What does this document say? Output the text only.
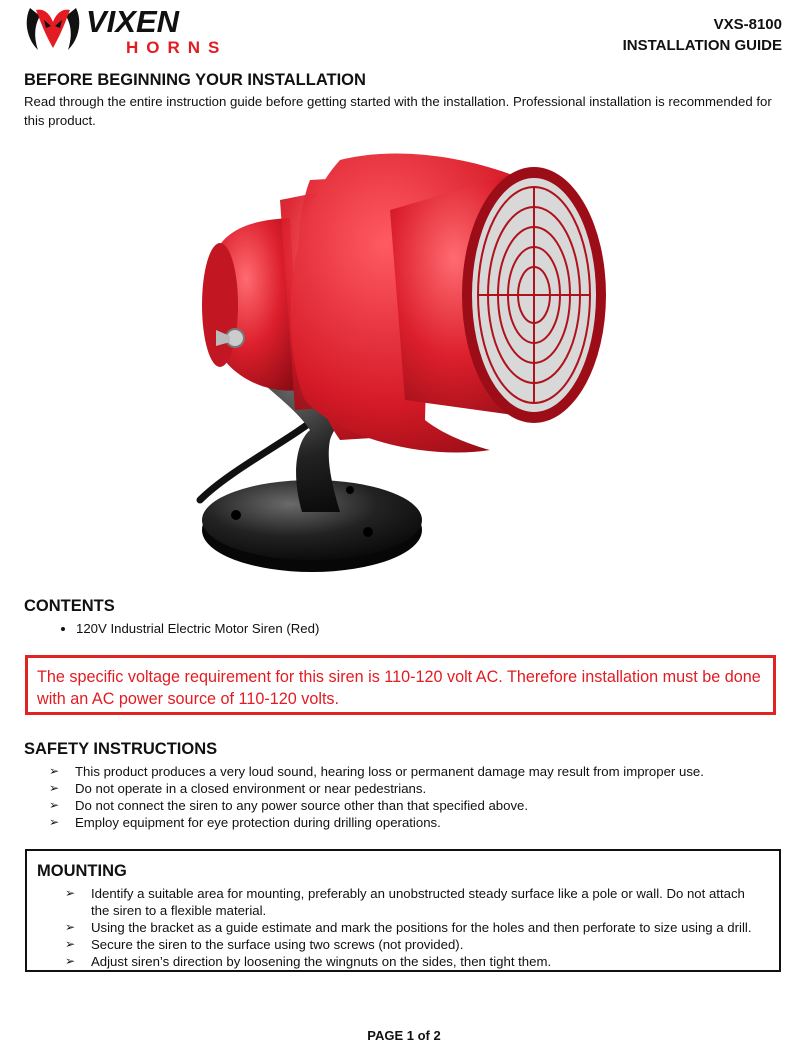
VIXEN
HORNS
VXS-8100
INSTALLATION GUIDE
BEFORE BEGINNING YOUR INSTALLATION

Read through the entire instruction guide before getting started with the installation. Professional installation is recommended for this product.

CONTENTS
• 120V Industrial Electric Motor Siren (Red)
The specific voltage requirement for this siren is 110-120 volt AC. Therefore installation must be done with an AC power source of 110-120 volts.
SAFETY INSTRUCTIONS
➢ This product produces a very loud sound, hearing loss or permanent damage may result from improper use.
➢ Do not operate in a closed environment or near pedestrians.
➢ Do not connect the siren to any power source other than that specified above.
➢ Employ equipment for eye protection during drilling operations.
MOUNTING
➢ Identify a suitable area for mounting, preferably an unobstructed steady surface like a pole or wall. Do not attach the siren to a flexible material.
➢ Using the bracket as a guide estimate and mark the positions for the holes and then perforate to size using a drill.
➢ Secure the siren to the surface using two screws (not provided).
➢ Adjust siren’s direction by loosening the wingnuts on the sides, then tight them.
PAGE 1 of 2
